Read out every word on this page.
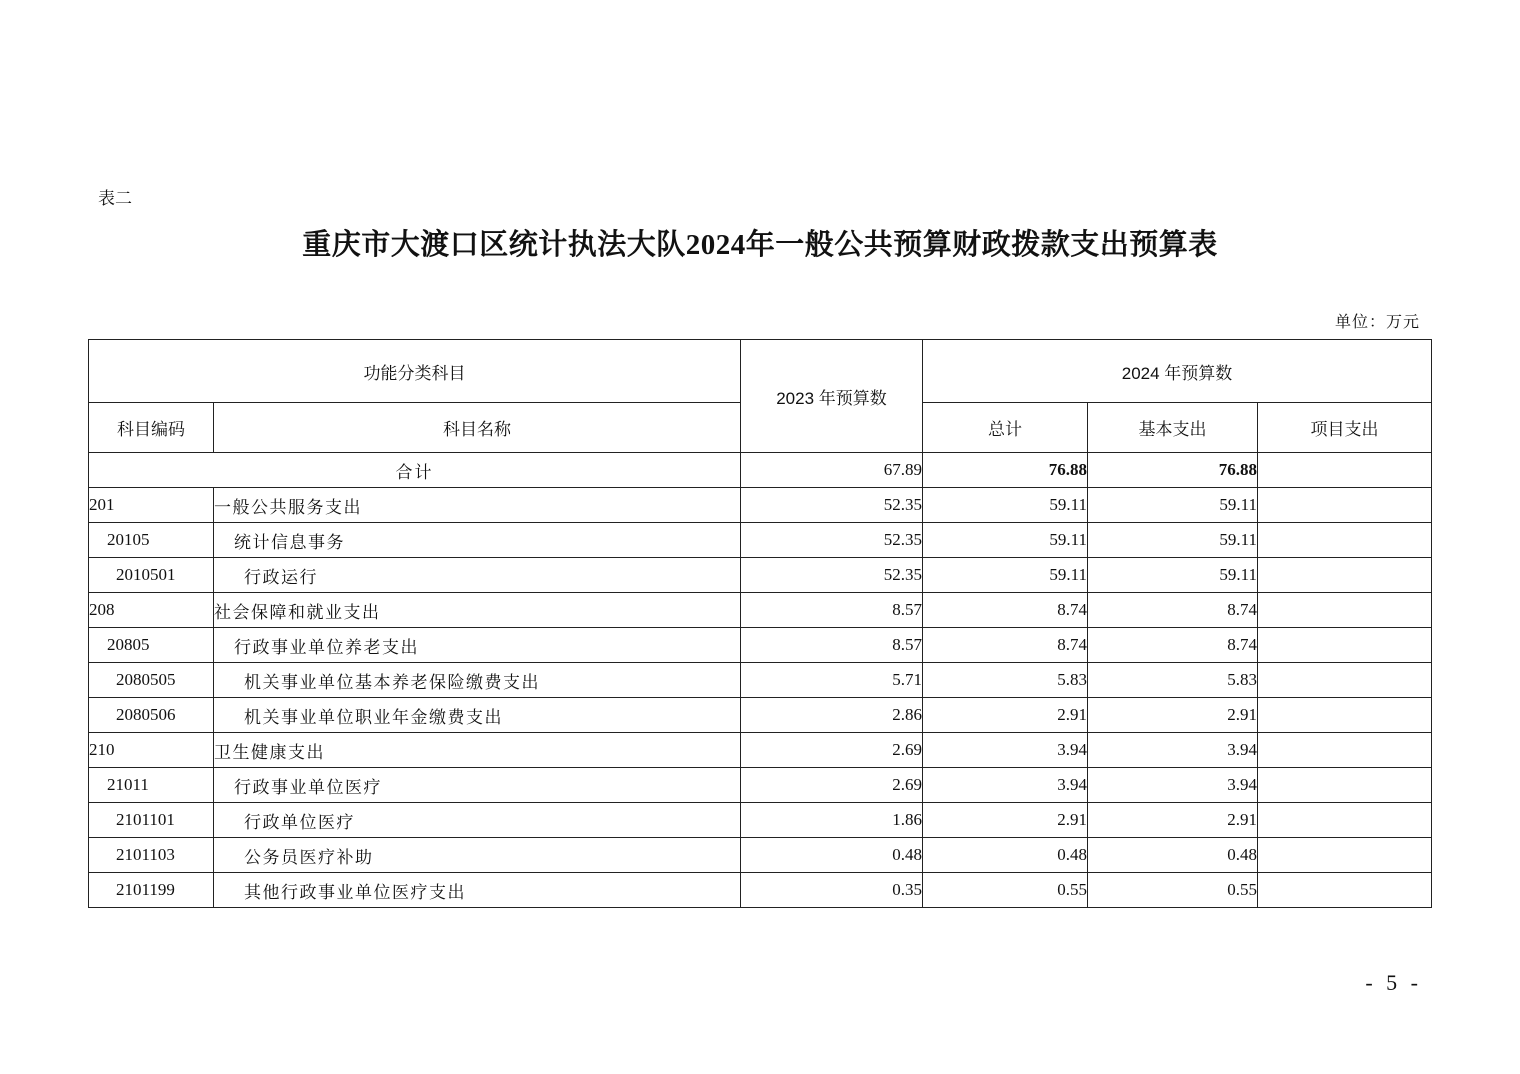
表二
重庆市大渡口区统计执法大队2024年一般公共预算财政拨款支出预算表
单位：万元
功能分类科目		2023 年预算数	2024 年预算数		
科目编码	科目名称		总计	基本支出	项目支出
合计		67.89	76.88	76.88	
201	一般公共服务支出	52.35	59.11	59.11	
20105	统计信息事务	52.35	59.11	59.11	
2010501	行政运行	52.35	59.11	59.11	
208	社会保障和就业支出	8.57	8.74	8.74	
20805	行政事业单位养老支出	8.57	8.74	8.74	
2080505	机关事业单位基本养老保险缴费支出	5.71	5.83	5.83	
2080506	机关事业单位职业年金缴费支出	2.86	2.91	2.91	
210	卫生健康支出	2.69	3.94	3.94	
21011	行政事业单位医疗	2.69	3.94	3.94	
2101101	行政单位医疗	1.86	2.91	2.91	
2101103	公务员医疗补助	0.48	0.48	0.48	
2101199	其他行政事业单位医疗支出	0.35	0.55	0.55	
- 5 -
